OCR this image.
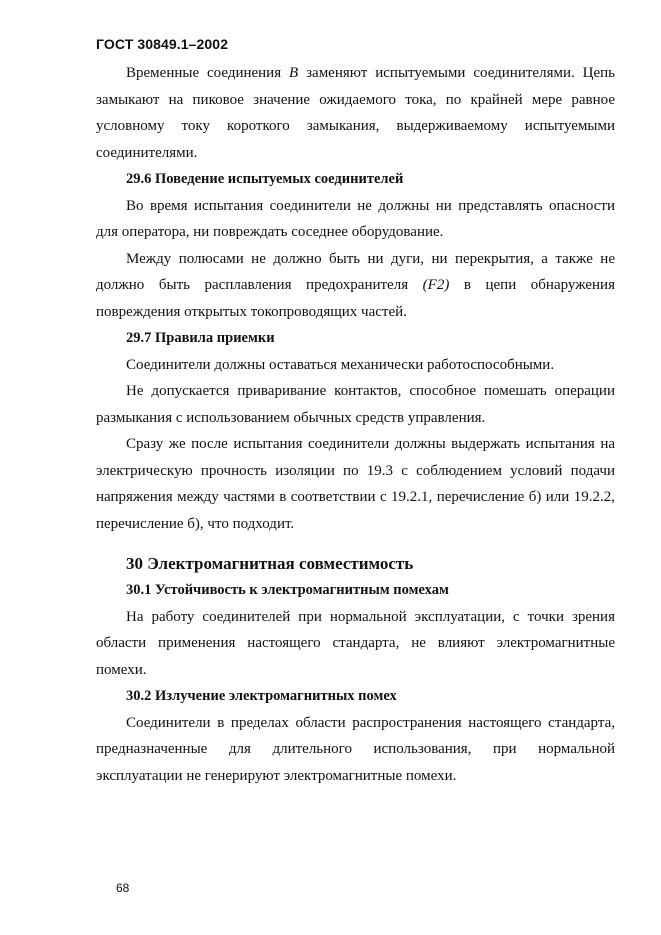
ГОСТ 30849.1–2002

Временные соединения В заменяют испытуемыми соединителями. Цепь замыкают на пиковое значение ожидаемого тока, по крайней мере равное условному току короткого замыкания, выдерживаемому испытуемыми соединителями.

29.6 Поведение испытуемых соединителей

Во время испытания соединители не должны ни представлять опасности для оператора, ни повреждать соседнее оборудование.

Между полюсами не должно быть ни дуги, ни перекрытия, а также не должно быть расплавления предохранителя (F2) в цепи обнаружения повреждения открытых токопроводящих частей.

29.7 Правила приемки

Соединители должны оставаться механически работоспособными.

Не допускается приваривание контактов, способное помешать операции размыкания с использованием обычных средств управления.

Сразу же после испытания соединители должны выдержать испытания на электрическую прочность изоляции по 19.3 с соблюдением условий подачи напряжения между частями в соответствии с 19.2.1, перечисление б) или 19.2.2, перечисление б), что подходит.

30 Электромагнитная совместимость

30.1 Устойчивость к электромагнитным помехам

На работу соединителей при нормальной эксплуатации, с точки зрения области применения настоящего стандарта, не влияют электромагнитные помехи.

30.2 Излучение электромагнитных помех

Соединители в пределах области распространения настоящего стандарта, предназначенные для длительного использования, при нормальной эксплуатации не генерируют электромагнитные помехи.

68
